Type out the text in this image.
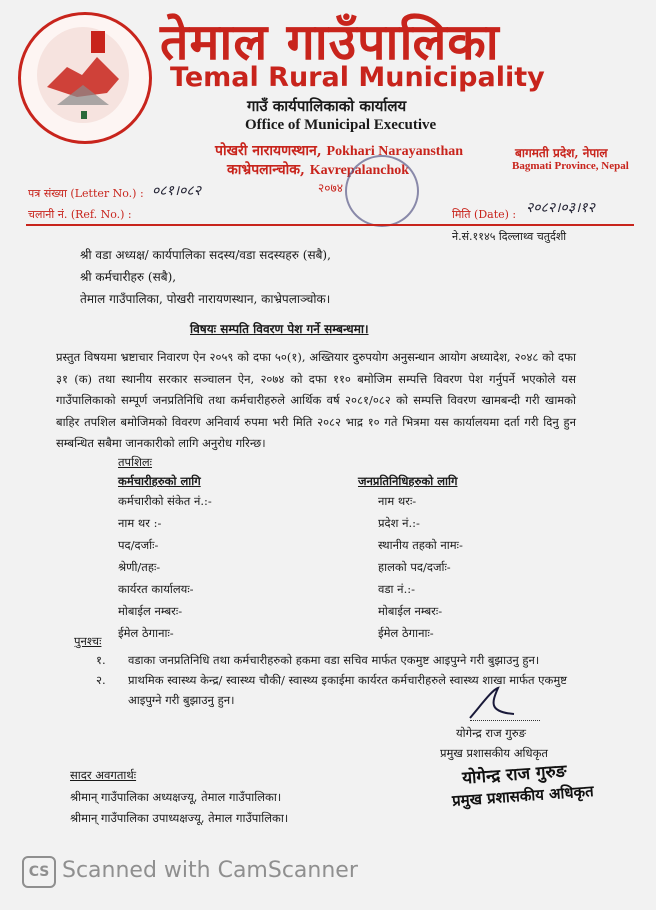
तेमाल गाउँपालिका
Temal Rural Municipality
गाउँ कार्यपालिकाको कार्यालय
Office of Municipal Executive
पोखरी नारायणस्थान, Pokhari Narayansthan
काभ्रेपलान्चोक, Kavrepalanchok
२०७४
बागमती प्रदेश, नेपाल
Bagmati Province, Nepal
पत्र संख्या (Letter No.) : ०८१।०८२
चलानी नं. (Ref. No.) :	मिति (Date) : २०८२।०३।१२
ने.सं.११४५ दिल्लाथ्व चतुर्दशी
श्री वडा अध्यक्ष/ कार्यपालिका सदस्य/वडा सदस्यहरु (सबै),
श्री कर्मचारीहरु (सबै),
तेमाल गाउँपालिका, पोखरी नारायणस्थान, काभ्रेपलाञ्चोक।
विषयः सम्पति विवरण पेश गर्ने सम्बन्धमा।
प्रस्तुत विषयमा भ्रष्टाचार निवारण ऐन २०५९ को दफा ५०(१), अख्तियार दुरुपयोग अनुसन्धान आयोग अध्यादेश, २०४८ को दफा ३१ (क) तथा स्थानीय सरकार सञ्चालन ऐन, २०७४ को दफा ११० बमोजिम सम्पत्ति विवरण पेश गर्नुपर्ने भएकोले यस गाउँपालिकाको सम्पूर्ण जनप्रतिनिधि तथा कर्मचारीहरुले आर्थिक वर्ष २०८१/०८२ को सम्पत्ति विवरण खामबन्दी गरी खामको बाहिर तपशिल बमोजिमको विवरण अनिवार्य रुपमा भरी मिति २०८२ भाद्र १० गते भित्रमा यस कार्यालयमा दर्ता गरी दिनु हुन सम्बन्धित सबैमा जानकारीको लागि अनुरोध गरिन्छ।
तपशिलः
कर्मचारीहरुको लागि	जनप्रतिनिधिहरुको लागि
कर्मचारीको संकेत नं.:-
नाम थर :-
पद/दर्जाः-
श्रेणी/तहः-
कार्यरत कार्यालयः-
मोबाईल नम्बरः-
ईमेल ठेगानाः-
नाम थरः-
प्रदेश नं.:-
स्थानीय तहको नामः-
हालको पद/दर्जाः-
वडा नं.:-
मोबाईल नम्बरः-
ईमेल ठेगानाः-
पुनश्चः
१. वडाका जनप्रतिनिधि तथा कर्मचारीहरुको हकमा वडा सचिव मार्फत एकमुष्ट आइपुग्ने गरी बुझाउनु हुन।
२. प्राथमिक स्वास्थ्य केन्द्र/ स्वास्थ्य चौकी/ स्वास्थ्य इकाईमा कार्यरत कर्मचारीहरुले स्वास्थ्य शाखा मार्फत एकमुष्ट
आइपुग्ने गरी बुझाउनु हुन।
योगेन्द्र राज गुरुङ
प्रमुख प्रशासकीय अधिकृत
योगेन्द्र राज गुरुङ
प्रमुख प्रशासकीय अधिकृत
सादर अवगतार्थः
श्रीमान् गाउँपालिका अध्यक्षज्यू, तेमाल गाउँपालिका।
श्रीमान् गाउँपालिका उपाध्यक्षज्यू, तेमाल गाउँपालिका।
CS Scanned with CamScanner
